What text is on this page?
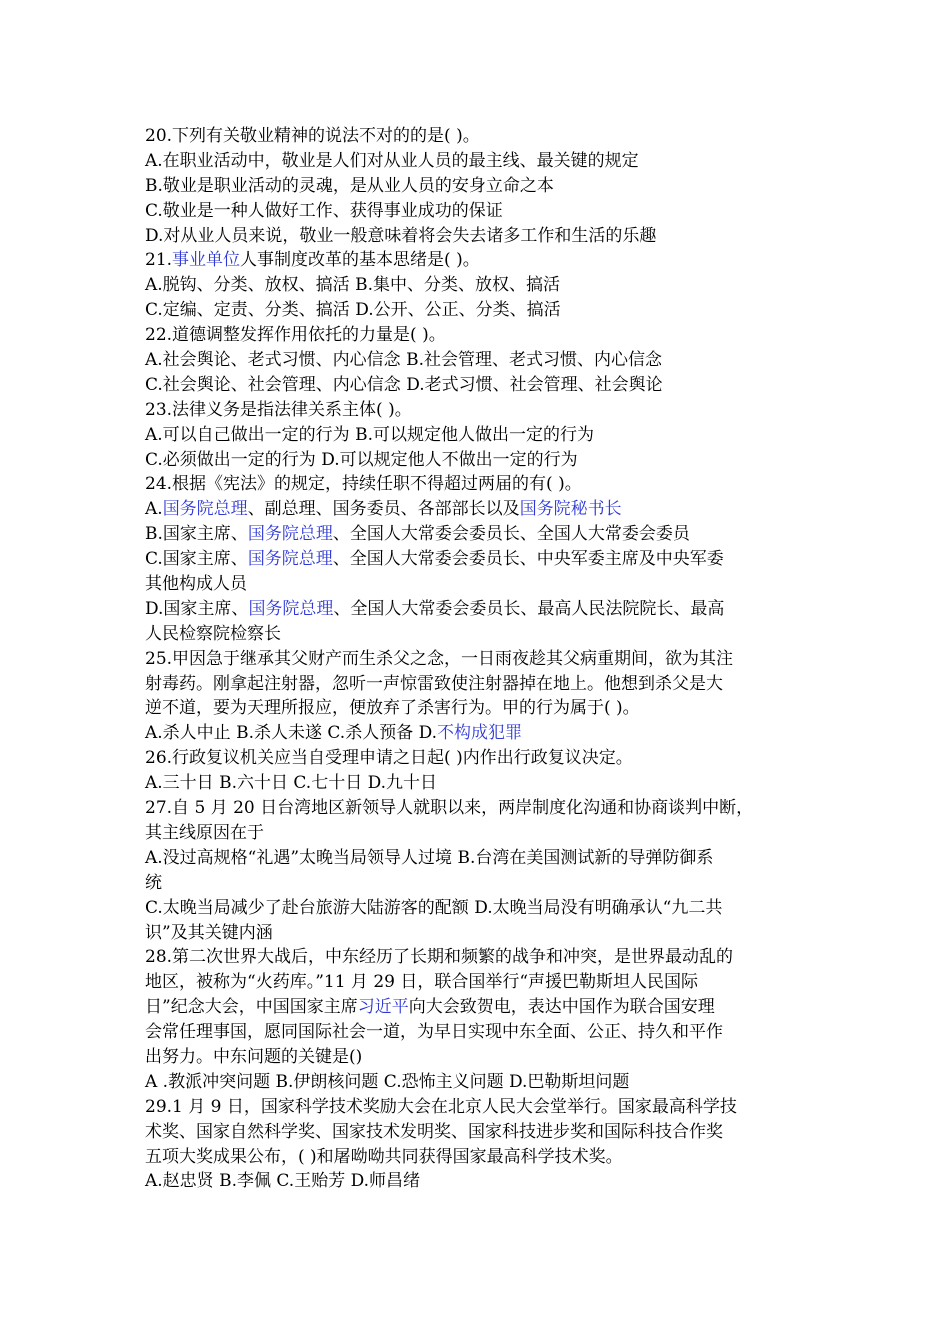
20.下列有关敬业精神的说法不对的的是( )。
A.在职业活动中，敬业是人们对从业人员的最主线、最关键的规定
B.敬业是职业活动的灵魂，是从业人员的安身立命之本
C.敬业是一种人做好工作、获得事业成功的保证
D.对从业人员来说，敬业一般意味着将会失去诸多工作和生活的乐趣
21.事业单位人事制度改革的基本思绪是( )。
A.脱钩、分类、放权、搞活 B.集中、分类、放权、搞活
C.定编、定责、分类、搞活 D.公开、公正、分类、搞活
22.道德调整发挥作用依托的力量是( )。
A.社会舆论、老式习惯、内心信念 B.社会管理、老式习惯、内心信念
C.社会舆论、社会管理、内心信念 D.老式习惯、社会管理、社会舆论
23.法律义务是指法律关系主体( )。
A.可以自己做出一定的行为 B.可以规定他人做出一定的行为
C.必须做出一定的行为 D.可以规定他人不做出一定的行为
24.根据《宪法》的规定，持续任职不得超过两届的有( )。
A.国务院总理、副总理、国务委员、各部部长以及国务院秘书长
B.国家主席、国务院总理、全国人大常委会委员长、全国人大常委会委员
C.国家主席、国务院总理、全国人大常委会委员长、中央军委主席及中央军委
其他构成人员
D.国家主席、国务院总理、全国人大常委会委员长、最高人民法院院长、最高
人民检察院检察长
25.甲因急于继承其父财产而生杀父之念，一日雨夜趁其父病重期间，欲为其注
射毒药。刚拿起注射器，忽听一声惊雷致使注射器掉在地上。他想到杀父是大
逆不道，要为天理所报应，便放弃了杀害行为。甲的行为属于( )。
A.杀人中止 B.杀人未遂 C.杀人预备 D.不构成犯罪
26.行政复议机关应当自受理申请之日起( )内作出行政复议决定。
A.三十日 B.六十日 C.七十日 D.九十日
27.自 5 月 20 日台湾地区新领导人就职以来，两岸制度化沟通和协商谈判中断，
其主线原因在于
A.没过高规格“礼遇”太晚当局领导人过境 B.台湾在美国测试新的导弹防御系
统
C.太晚当局减少了赴台旅游大陆游客的配额 D.太晚当局没有明确承认“九二共
识”及其关键内涵
28.第二次世界大战后，中东经历了长期和频繁的战争和冲突，是世界最动乱的
地区，被称为“火药库。”11 月 29 日，联合国举行“声援巴勒斯坦人民国际
日”纪念大会，中国国家主席习近平向大会致贺电，表达中国作为联合国安理
会常任理事国，愿同国际社会一道，为早日实现中东全面、公正、持久和平作
出努力。中东问题的关键是()
A .教派冲突问题 B.伊朗核问题 C.恐怖主义问题 D.巴勒斯坦问题
29.1 月 9 日，国家科学技术奖励大会在北京人民大会堂举行。国家最高科学技
术奖、国家自然科学奖、国家技术发明奖、国家科技进步奖和国际科技合作奖
五项大奖成果公布，( )和屠呦呦共同获得国家最高科学技术奖。
A.赵忠贤 B.李佩 C.王贻芳 D.师昌绪
